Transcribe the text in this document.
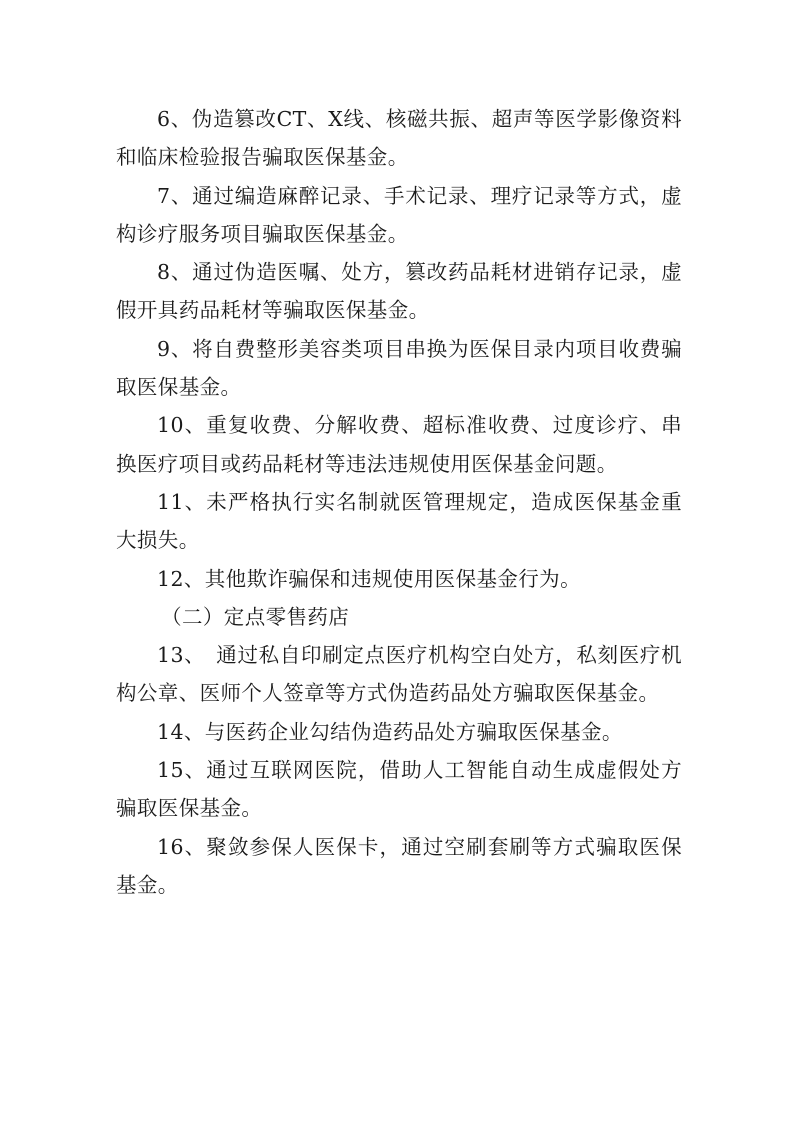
6、伪造篡改CT、X线、核磁共振、超声等医学影像资料和临床检验报告骗取医保基金。

7、通过编造麻醉记录、手术记录、理疗记录等方式，虚构诊疗服务项目骗取医保基金。

8、通过伪造医嘱、处方，篡改药品耗材进销存记录，虚假开具药品耗材等骗取医保基金。

9、将自费整形美容类项目串换为医保目录内项目收费骗取医保基金。

10、重复收费、分解收费、超标准收费、过度诊疗、串换医疗项目或药品耗材等违法违规使用医保基金问题。

11、未严格执行实名制就医管理规定，造成医保基金重大损失。

12、其他欺诈骗保和违规使用医保基金行为。

（二）定点零售药店

13、　通过私自印刷定点医疗机构空白处方，私刻医疗机构公章、医师个人签章等方式伪造药品处方骗取医保基金。

14、与医药企业勾结伪造药品处方骗取医保基金。

15、通过互联网医院，借助人工智能自动生成虚假处方骗取医保基金。

16、聚敛参保人医保卡，通过空刷套刷等方式骗取医保基金。
